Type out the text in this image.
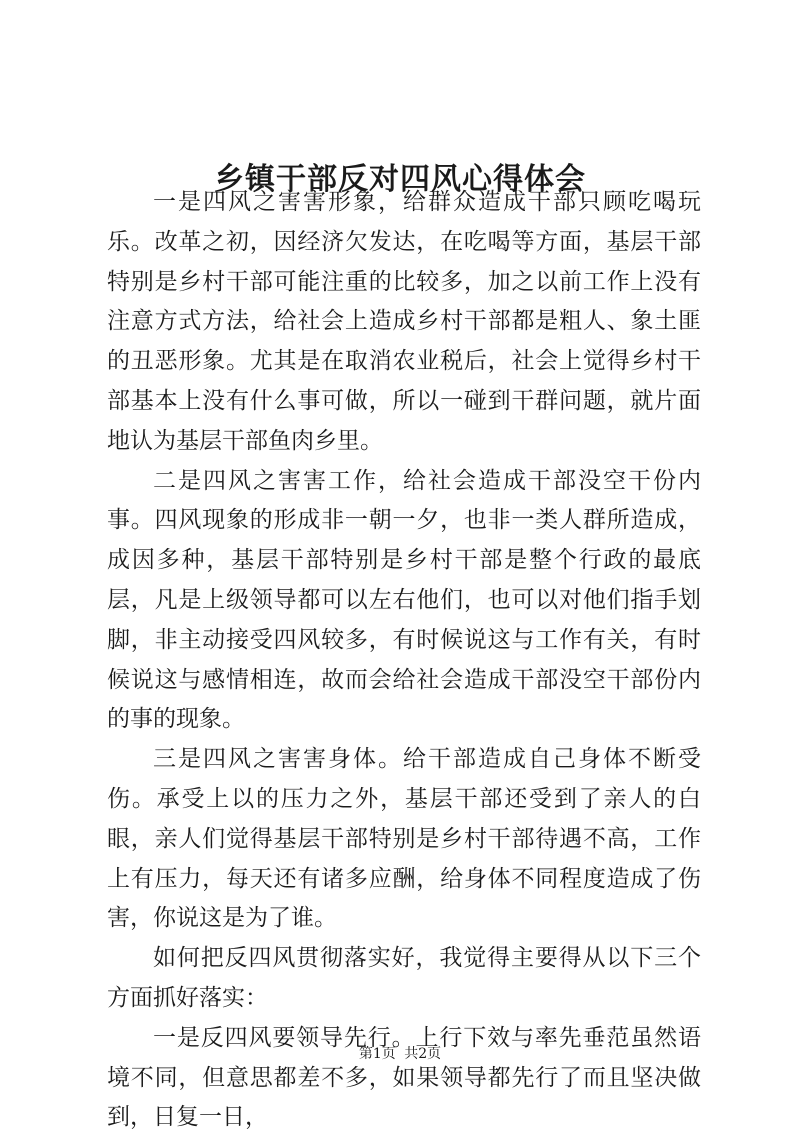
乡镇干部反对四风心得体会

一是四风之害害形象，给群众造成干部只顾吃喝玩乐。改革之初，因经济欠发达，在吃喝等方面，基层干部特别是乡村干部可能注重的比较多，加之以前工作上没有注意方式方法，给社会上造成乡村干部都是粗人、象土匪的丑恶形象。尤其是在取消农业税后，社会上觉得乡村干部基本上没有什么事可做，所以一碰到干群问题，就片面地认为基层干部鱼肉乡里。

二是四风之害害工作，给社会造成干部没空干份内事。四风现象的形成非一朝一夕，也非一类人群所造成，成因多种，基层干部特别是乡村干部是整个行政的最底层，凡是上级领导都可以左右他们，也可以对他们指手划脚，非主动接受四风较多，有时候说这与工作有关，有时候说这与感情相连，故而会给社会造成干部没空干部份内的事的现象。

三是四风之害害身体。给干部造成自己身体不断受伤。承受上以的压力之外，基层干部还受到了亲人的白眼，亲人们觉得基层干部特别是乡村干部待遇不高，工作上有压力，每天还有诸多应酬，给身体不同程度造成了伤害，你说这是为了谁。

如何把反四风贯彻落实好，我觉得主要得从以下三个方面抓好落实：

一是反四风要领导先行。上行下效与率先垂范虽然语境不同，但意思都差不多，如果领导都先行了而且坚决做到，日复一日，

第1页 共2页
